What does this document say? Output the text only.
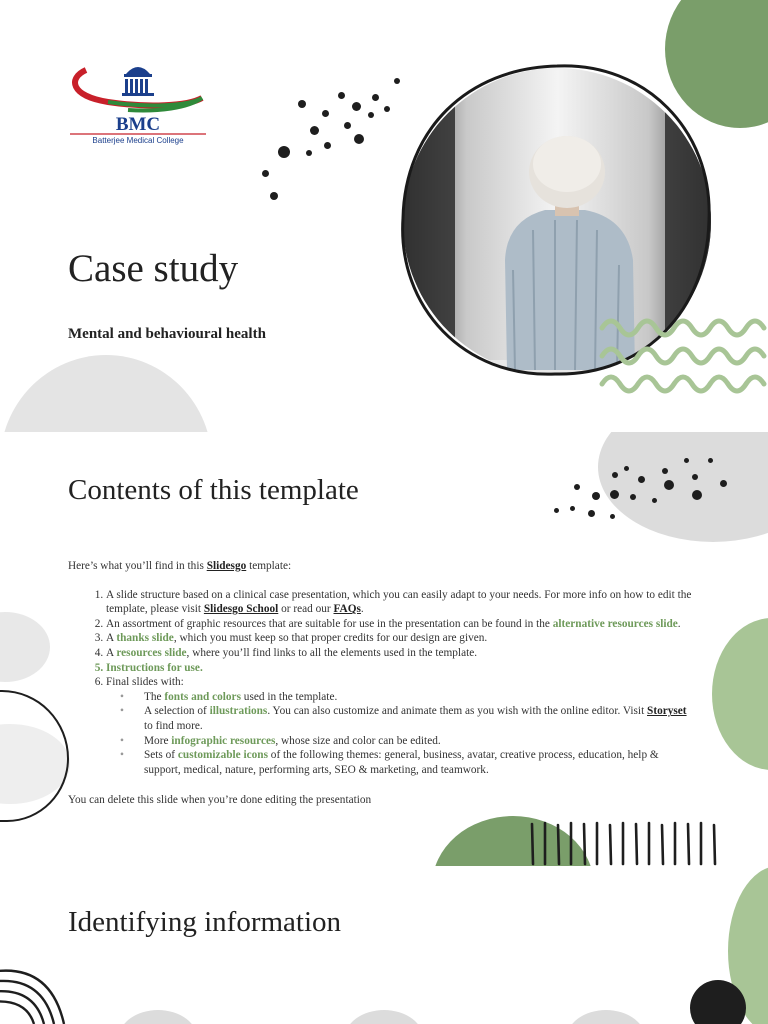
BMC
Batterjee Medical College
Case study
Mental and behavioural health
Contents of this template
Here’s what you’ll find in this Slidesgo template:
1. A slide structure based on a clinical case presentation, which you can easily adapt to your needs. For more info on how to edit the template, please visit Slidesgo School or read our FAQs.
2. An assortment of graphic resources that are suitable for use in the presentation can be found in the alternative resources slide.
3. A thanks slide, which you must keep so that proper credits for our design are given.
4. A resources slide, where you’ll find links to all the elements used in the template.
5. Instructions for use.
6. Final slides with:
• The fonts and colors used in the template.
• A selection of illustrations. You can also customize and animate them as you wish with the online editor. Visit Storyset to find more.
• More infographic resources, whose size and color can be edited.
• Sets of customizable icons of the following themes: general, business, avatar, creative process, education, help & support, medical, nature, performing arts, SEO & marketing, and teamwork.
You can delete this slide when you’re done editing the presentation
Identifying information
